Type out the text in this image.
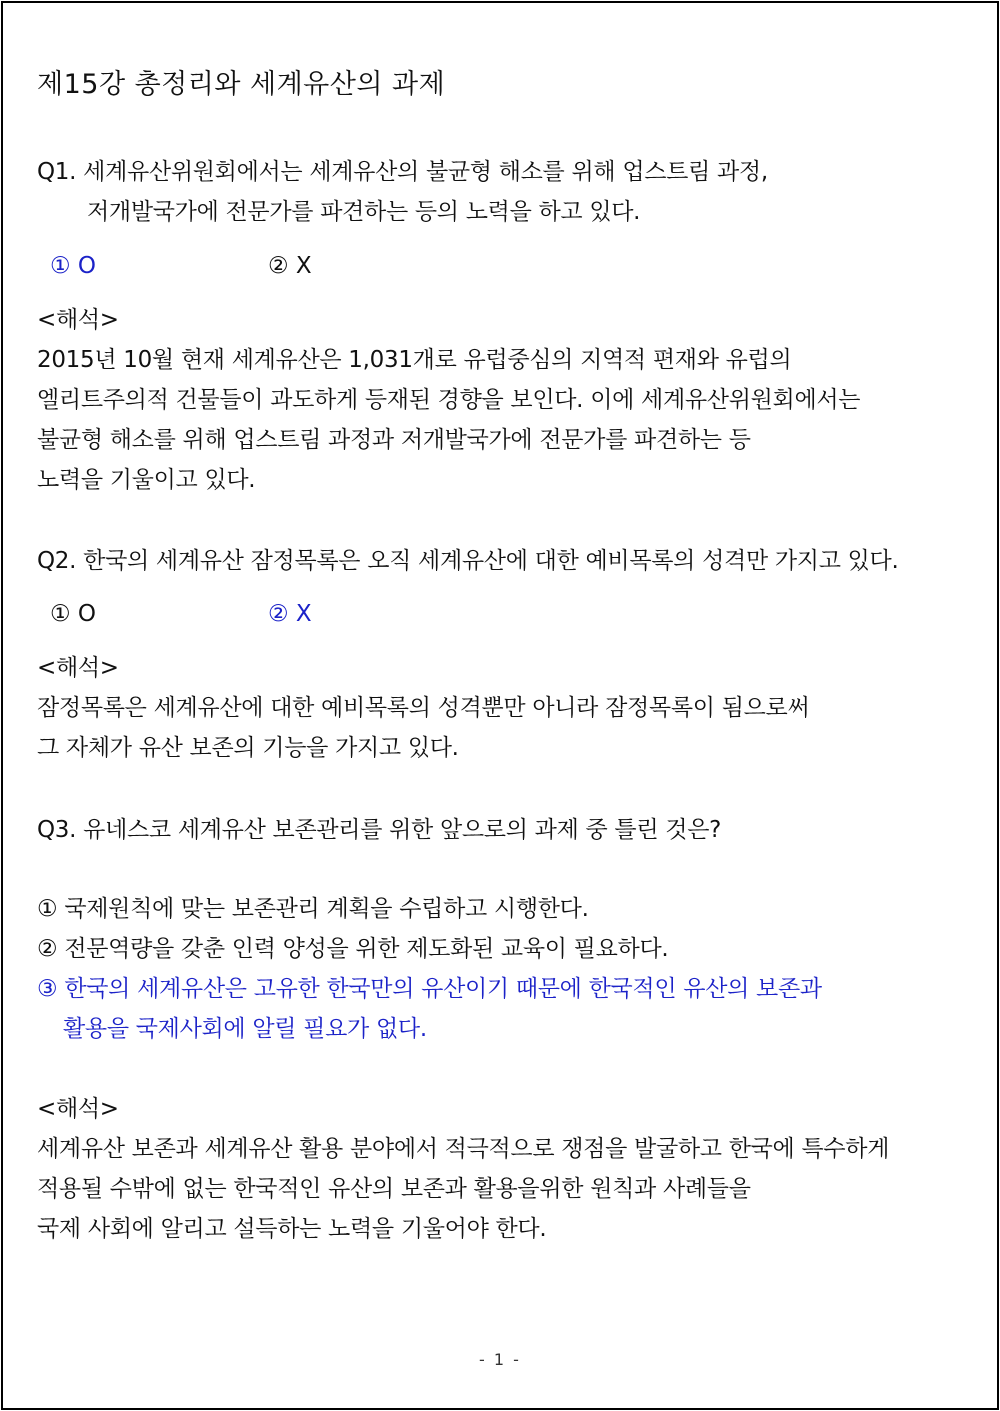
제15강 총정리와 세계유산의 과제
Q1. 세계유산위원회에서는 세계유산의 불균형 해소를 위해 업스트림 과정,
저개발국가에 전문가를 파견하는 등의 노력을 하고 있다.
① O	② X
<해석>
2015년 10월 현재 세계유산은 1,031개로 유럽중심의 지역적 편재와 유럽의
엘리트주의적 건물들이 과도하게 등재된 경향을 보인다. 이에 세계유산위원회에서는
불균형 해소를 위해 업스트림 과정과 저개발국가에 전문가를 파견하는 등
노력을 기울이고 있다.
Q2. 한국의 세계유산 잠정목록은 오직 세계유산에 대한 예비목록의 성격만 가지고 있다.
① O	② X
<해석>
잠정목록은 세계유산에 대한 예비목록의 성격뿐만 아니라 잠정목록이 됨으로써
그 자체가 유산 보존의 기능을 가지고 있다.
Q3. 유네스코 세계유산 보존관리를 위한 앞으로의 과제 중 틀린 것은?
① 국제원칙에 맞는 보존관리 계획을 수립하고 시행한다.
② 전문역량을 갖춘 인력 양성을 위한 제도화된 교육이 필요하다.
③ 한국의 세계유산은 고유한 한국만의 유산이기 때문에 한국적인 유산의 보존과
활용을 국제사회에 알릴 필요가 없다.
<해석>
세계유산 보존과 세계유산 활용 분야에서 적극적으로 쟁점을 발굴하고 한국에 특수하게
적용될 수밖에 없는 한국적인 유산의 보존과 활용을위한 원칙과 사례들을
국제 사회에 알리고 설득하는 노력을 기울어야 한다.
- 1 -
